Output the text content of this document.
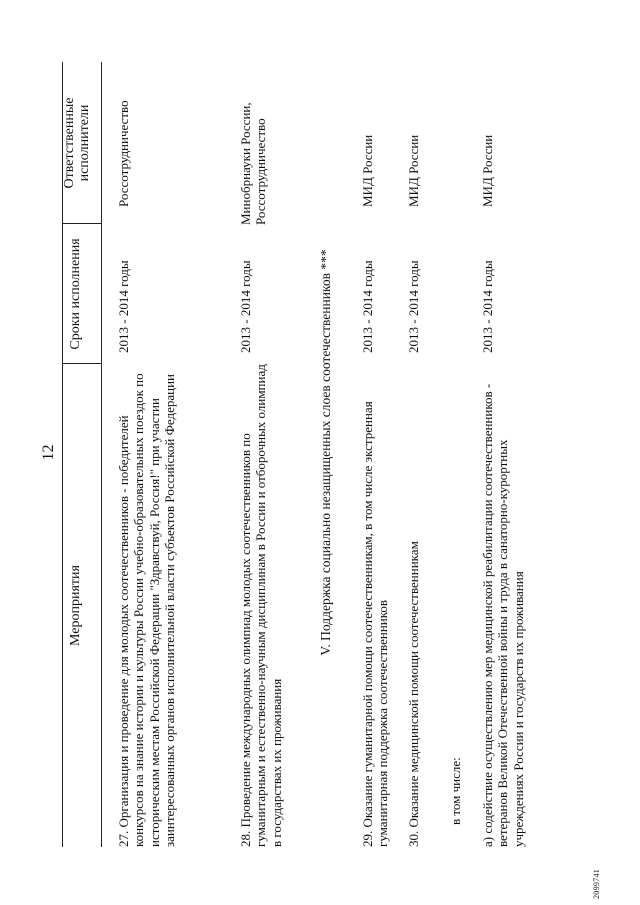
12
Мероприятия
Сроки исполнения
Ответственные исполнители
27. Организация и проведение для молодых соотечественников - победителей конкурсов на знание истории и культуры России учебно-образовательных поездок по историческим местам Российской Федерации "Здравствуй, Россия!" при участии заинтересованных органов исполнительной власти субъектов Российской Федерации
2013 - 2014 годы
Россотрудничество
28. Проведение международных олимпиад молодых соотечественников по гуманитарным и естественно-научным дисциплинам в России и отборочных олимпиад в государствах их проживания
2013 - 2014 годы
Минобрнауки России, Россотрудничество
V. Поддержка социально незащищенных слоев соотечественников *** 29. Оказание гуманитарной помощи соотечественникам, в том числе экстренная гуманитарная поддержка соотечественников
2013 - 2014 годы
МИД России
30. Оказание медицинской помощи соотечественникам
2013 - 2014 годы
МИД России
в том числе: а) содействие осуществлению мер медицинской реабилитации соотечественников - ветеранов Великой Отечественной войны и труда в санаторно-курортных учреждениях России и государств их проживания
2013 - 2014 годы
МИД России
2099741
